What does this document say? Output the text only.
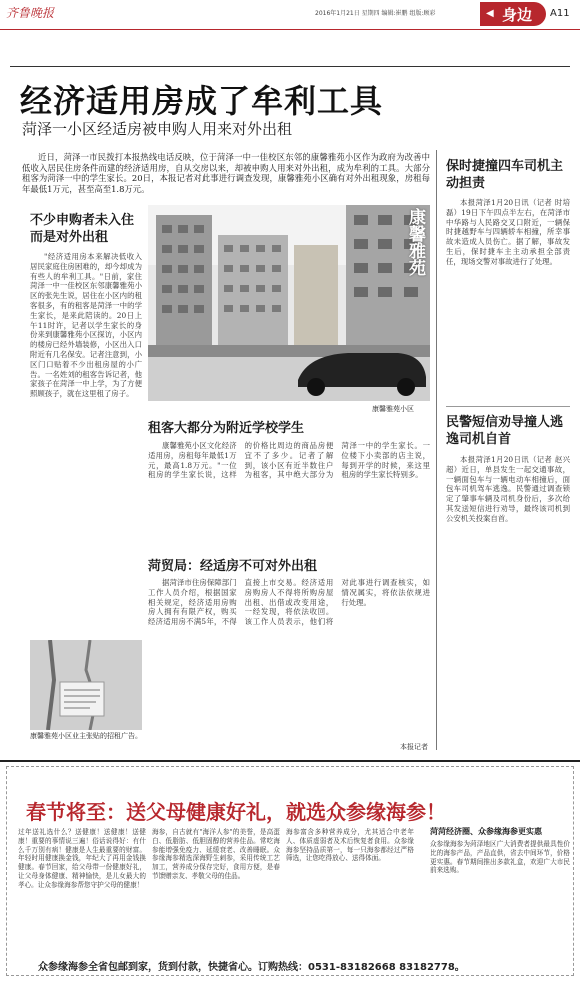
齐鲁晚报	2016年1月21日 星期四 编辑:崔鹏 组版:顾彩	◀ 身边 A11
经济适用房成了牟利工具
菏泽一小区经适房被申购人用来对外出租
近日，菏泽一市民拨打本报热线电话反映，位于菏泽一中一佳校区东邻的康馨雅苑小区作为政府为改善中低收入居民住房条件而建的经济适用房，自从交房以来，却被申购人用来对外出租，成为牟利的工具。大部分租客为菏泽一中的学生家长。20日，本报记者对此事进行调查发现，康馨雅苑小区确有对外出租现象，房租每年最低1万元，甚至高至1.8万元。
不少申购者未入住而是对外出租

"经济适用房本来解决低收入居民家庭住房困难的，却今却成为有些人的牟利工具。"日前，家住菏泽一中一佳校区东邻康馨雅苑小区的张先生说，居住在小区内的租客很多，有的租客是菏泽一中的学生家长，是来此陪读的。20日上午11时许，记者以学生家长的身份来到康馨雅苑小区探访，小区内的楼房已经外墙装修，小区出入口附近有几名保安。记者注意到，小区门口贴着不少出租房屋的小广告。一名姓刘的租客告诉记者，他家孩子在菏泽一中上学，为了方便照顾孩子，就在这里租了房子。

康馨雅苑
康馨雅苑小区
租客大都分为附近学校学生

康馨雅苑小区文化经济适用房，房租每年最低1万元，最高1.8万元。"一位租房的学生家长说，这样的价格比周边的商品房便宜不了多少。记者了解到，该小区有近半数住户为租客，其中绝大部分为菏泽一中的学生家长。一位楼下小卖部的店主说，每到开学的时候，来这里租房的学生家长特别多。

菏贸局：经适房不可对外出租

据菏泽市住房保障部门工作人员介绍，根据国家相关规定，经济适用房购房人拥有有限产权，购买经济适用房不满5年，不得直接上市交易。经济适用房购房人不得将所购房屋出租、出借或改变用途，一经发现，将依法收回。该工作人员表示，他们将对此事进行调查核实，如情况属实，将依法依规进行处理。

本报记者
康馨雅苑小区业主张贴的招租广告。
保时捷撞四车司机主动担责

本报菏泽1月20日讯（记者 时培磊）19日下午四点半左右，在菏泽市中华路与人民路交叉口附近，一辆保时捷越野车与四辆轿车相撞，所幸事故未造成人员伤亡。据了解，事故发生后，保时捷车主主动承担全部责任，现场交警对事故进行了处理。

民警短信劝导撞人逃逸司机自首

本报菏泽1月20日讯（记者 赵兴超）近日，单县发生一起交通事故，一辆面包车与一辆电动车相撞后，面包车司机驾车逃逸。民警通过调查锁定了肇事车辆及司机身份后，多次给其发送短信进行劝导，最终该司机到公安机关投案自首。

春节将至：送父母健康好礼，就选众参缘海参！
过年送礼选什么？送健康！送健康！送健康！重要的事情说三遍！俗话说得好：有什么千万别有病！健康是人生最重要的财富。年轻时用健康换金钱，年纪大了再用金钱换健康。春节回家，给父母带一份健康好礼，让父母身体健康、精神愉快，是儿女最大的孝心。让众参缘海参帮您守护父母的健康！
海参，自古就有"海洋人参"的美誉，是高蛋白、低脂肪、低胆固醇的营养佳品。常吃海参能增强免疫力、延缓衰老、改善睡眠。众参缘海参精选深海野生刺参，采用传统工艺加工，营养成分保存完好，食用方便，是春节馈赠亲友、孝敬父母的佳品。
海参富含多种营养成分，尤其适合中老年人、体质虚弱者及术后恢复者食用。众参缘海参坚持品质第一，每一只海参都经过严格筛选，让您吃得放心、送得体面。
菏菏经济圈、众参缘海参更实惠
众参缘海参为菏泽地区广大消费者提供最具性价比的海参产品，产品直供，省去中间环节，价格更实惠。春节期间推出多款礼盒，欢迎广大市民前来选购。
众参缘海参全省包邮到家，货到付款，快捷省心。订购热线：0531-83182668 83182778。
